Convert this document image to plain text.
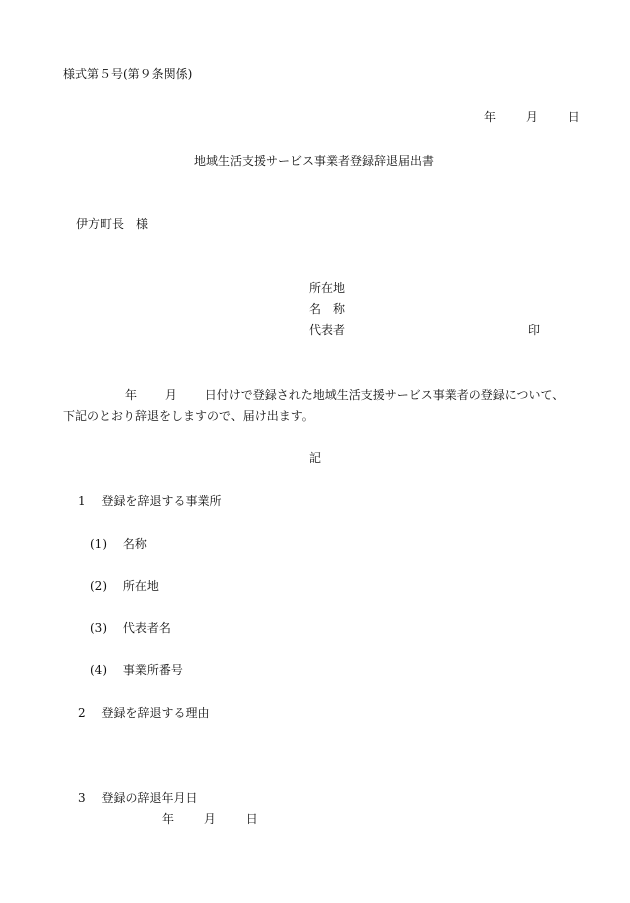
様式第５号(第９条関係)
年 月 日
地域生活支援サービス事業者登録辞退届出書
伊方町長　様
所在地
名　称
代表者	印
年 月 日付けで登録された地域生活支援サービス事業者の登録について、
下記のとおり辞退をしますので、届け出ます。
記
1 登録を辞退する事業所
(1) 名称
(2) 所在地
(3) 代表者名
(4) 事業所番号
2 登録を辞退する理由
3 登録の辞退年月日
年 月 日
